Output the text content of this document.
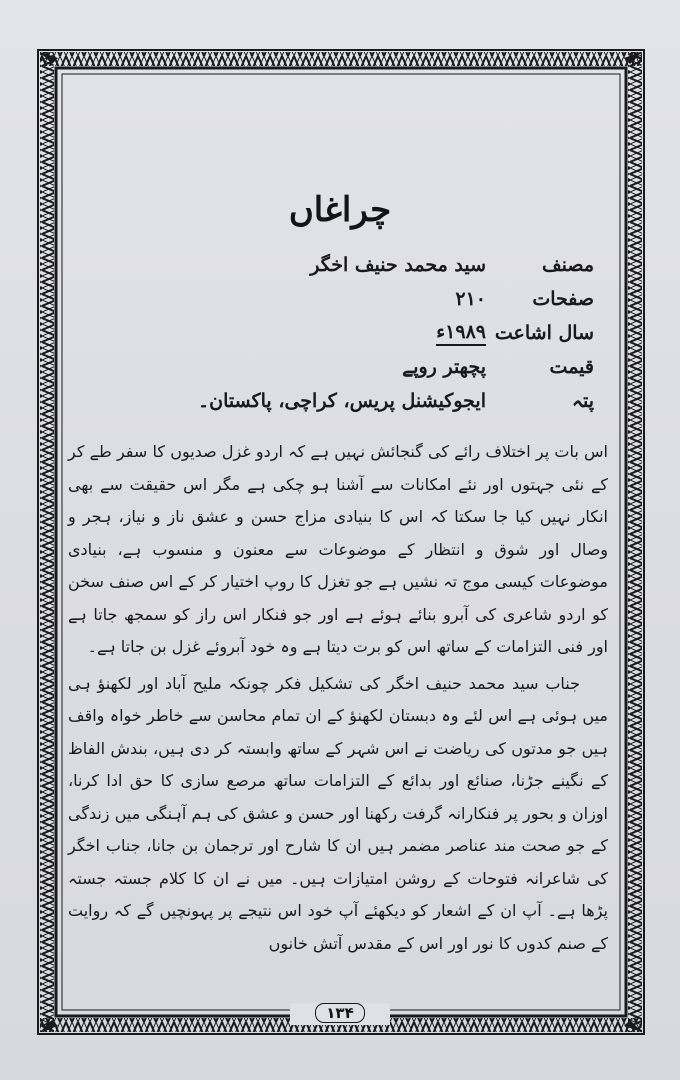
چراغاں
مصنف
سید محمد حنیف اخگر
صفحات
۲۱۰
سال اشاعت
۱۹۸۹ء
قیمت
پچھتر روپے
پتہ
ایجوکیشنل پریس، کراچی، پاکستان۔

اس بات پر اختلاف رائے کی گنجائش نہیں ہے کہ اردو غزل صدیوں کا سفر طے کر کے نئی جہتوں اور نئے امکانات سے آشنا ہو چکی ہے مگر اس حقیقت سے بھی انکار نہیں کیا جا سکتا کہ اس کا بنیادی مزاج حسن و عشق ناز و نیاز، ہجر و وصال اور شوق و انتظار کے موضوعات سے معنون و منسوب ہے، بنیادی موضوعات کیسی موج تہ نشیں ہے جو تغزل کا روپ اختیار کر کے اس صنف سخن کو اردو شاعری کی آبرو بنائے ہوئے ہے اور جو فنکار اس راز کو سمجھ جاتا ہے اور فنی التزامات کے ساتھ اس کو برت دیتا ہے وہ خود آبروئے غزل بن جاتا ہے۔

جناب سید محمد حنیف اخگر کی تشکیل فکر چونکہ ملیح آباد اور لکھنؤ ہی میں ہوئی ہے اس لئے وہ دبستان لکھنؤ کے ان تمام محاسن سے خاطر خواہ واقف ہیں جو مدتوں کی ریاضت نے اس شہر کے ساتھ وابستہ کر دی ہیں، بندش الفاظ کے نگینے جڑنا، صنائع اور بدائع کے التزامات ساتھ مرصع سازی کا حق ادا کرنا، اوزان و بحور پر فنکارانہ گرفت رکھنا اور حسن و عشق کی ہم آہنگی میں زندگی کے جو صحت مند عناصر مضمر ہیں ان کا شارح اور ترجمان بن جانا، جناب اخگر کی شاعرانہ فتوحات کے روشن امتیازات ہیں۔ میں نے ان کا کلام جستہ جستہ پڑھا ہے۔ آپ ان کے اشعار کو دیکھئے آپ خود اس نتیجے پر پہونچیں گے کہ روایت کے صنم کدوں کا نور اور اس کے مقدس آتش خانوں

۱۳۴
